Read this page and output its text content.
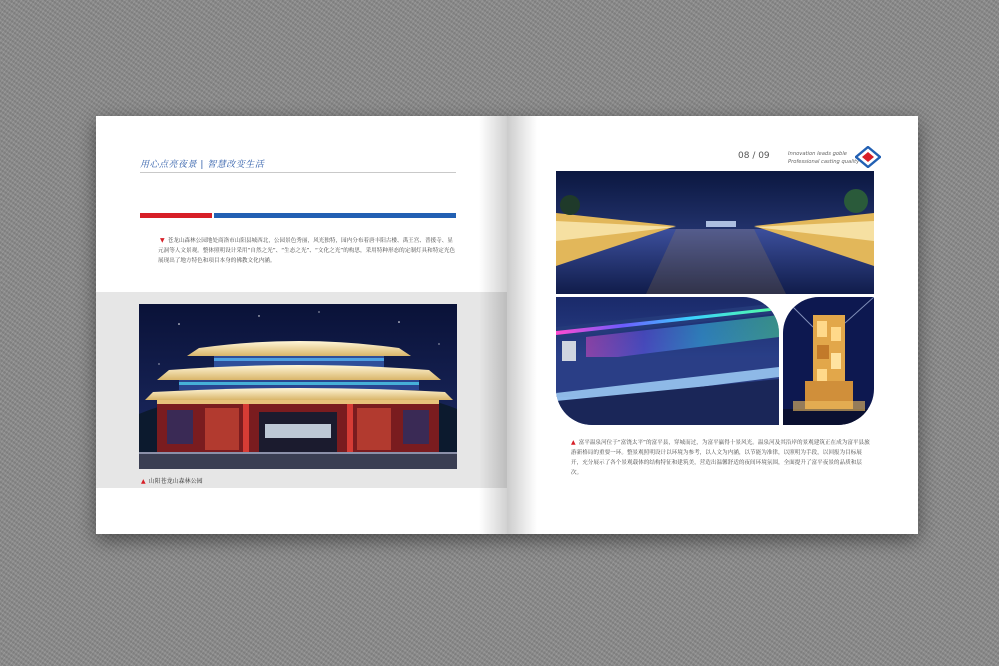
用心点亮夜景 | 智慧改变生活
▼ 苍龙山森林公园地处商洛市山阳县城西北，公园景色秀丽，风光独特，园内分布着唐丰阳古楼、禹王宫、普援寺、显元洞等人文景观。整体照明设计采用“自然之光”、“生态之光”、“文化之光”的构思，采用特种形态的定制灯具和特定光色展现出了地方特色和项目本身的佛教文化内涵。
▲ 山阳苍龙山森林公园
08 / 09	Innovation leads goble
Professional casting quality
▲ 富平温泉河位于“富饶太平”的富平县，穿城而过，为富平赢得十景风光。温泉河及其沿岸的景观建筑正在成为富平县旅游新格局的重要一环。整景观照明设计以环境为参考，以人文为内涵，以节能为准律，以照明为手段，以回报为目标展开，充分展示了各个景观载体的结构特征和建筑美，营造出温馨舒适的夜间环境氛围，全面提升了富平夜景的品质和层次。
